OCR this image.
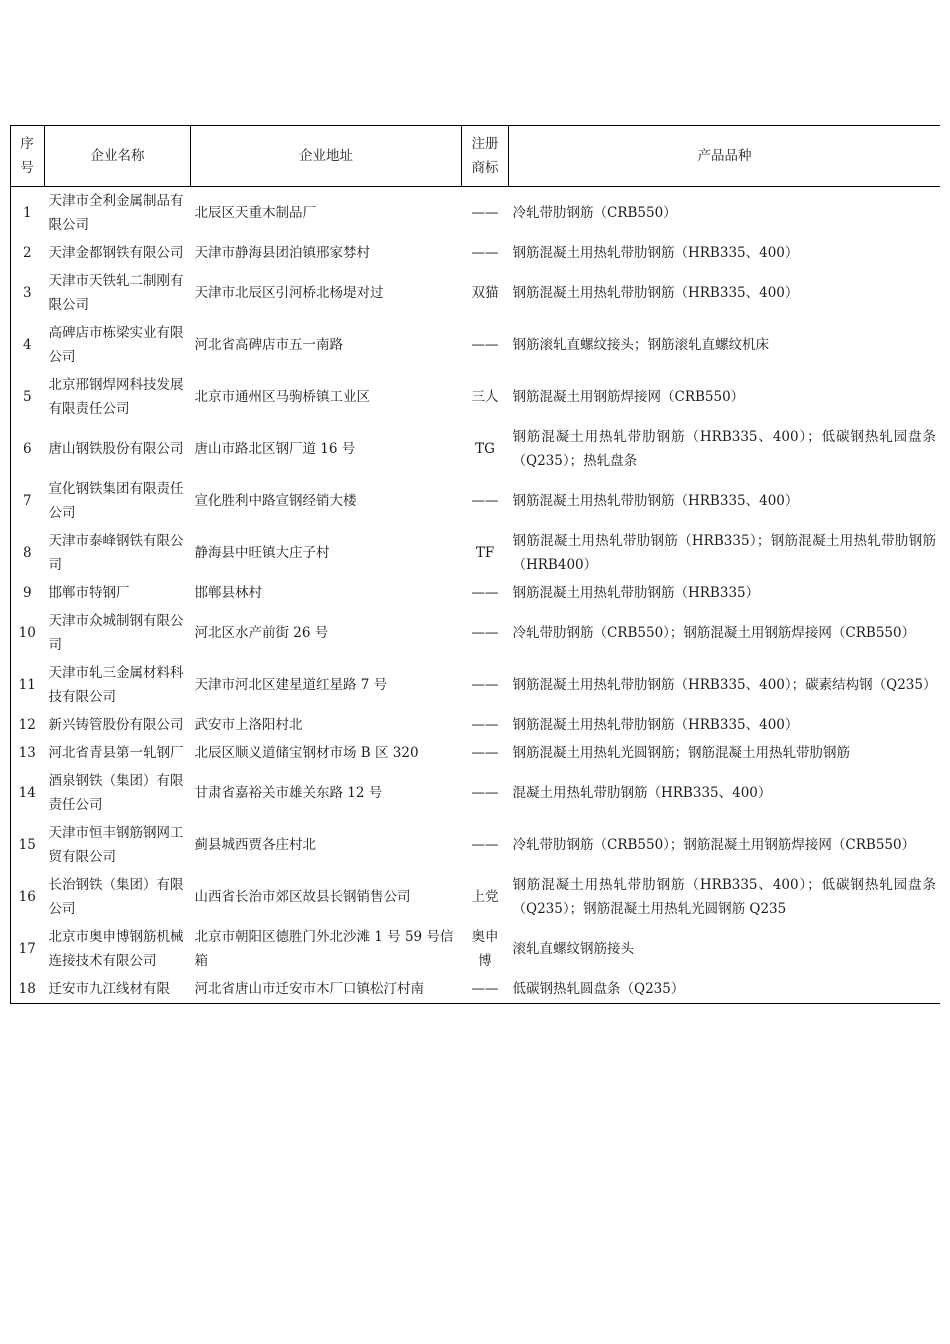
序号	企业名称	企业地址	注册商标	产品品种
1	天津市全利金属制品有限公司	北辰区天重木制品厂	——	冷轧带肋钢筋（CRB550）
2	天津金都钢铁有限公司	天津市静海县团泊镇邢家棼村	——	钢筋混凝土用热轧带肋钢筋（HRB335、400）
3	天津市天铁轧二制刚有限公司	天津市北辰区引河桥北杨堤对过	双猫	钢筋混凝土用热轧带肋钢筋（HRB335、400）
4	高碑店市栋梁实业有限公司	河北省高碑店市五一南路	——	钢筋滚轧直螺纹接头；钢筋滚轧直螺纹机床
5	北京邢钢焊网科技发展有限责任公司	北京市通州区马驹桥镇工业区	三人	钢筋混凝土用钢筋焊接网（CRB550）
6	唐山钢铁股份有限公司	唐山市路北区钢厂道 16 号	TG	钢筋混凝土用热轧带肋钢筋（HRB335、400）；低碳钢热轧园盘条（Q235）；热轧盘条
7	宣化钢铁集团有限责任公司	宣化胜利中路宣钢经销大楼	——	钢筋混凝土用热轧带肋钢筋（HRB335、400）
8	天津市泰峰钢铁有限公司	静海县中旺镇大庄子村	TF	钢筋混凝土用热轧带肋钢筋（HRB335）；钢筋混凝土用热轧带肋钢筋（HRB400）
9	邯郸市特钢厂	邯郸县林村	——	钢筋混凝土用热轧带肋钢筋（HRB335）
10	天津市众城制钢有限公司	河北区水产前街 26 号	——	冷轧带肋钢筋（CRB550）；钢筋混凝土用钢筋焊接网（CRB550）
11	天津市轧三金属材料科技有限公司	天津市河北区建星道红星路 7 号	——	钢筋混凝土用热轧带肋钢筋（HRB335、400）；碳素结构钢（Q235）
12	新兴铸管股份有限公司	武安市上洛阳村北	——	钢筋混凝土用热轧带肋钢筋（HRB335、400）
13	河北省青县第一轧钢厂	北辰区顺义道储宝钢材市场 B 区 320	——	钢筋混凝土用热轧光圆钢筋；钢筋混凝土用热轧带肋钢筋
14	酒泉钢铁（集团）有限责任公司	甘肃省嘉裕关市雄关东路 12 号	——	混凝土用热轧带肋钢筋（HRB335、400）
15	天津市恒丰钢筋钢网工贸有限公司	蓟县城西贾各庄村北	——	冷轧带肋钢筋（CRB550）；钢筋混凝土用钢筋焊接网（CRB550）
16	长治钢铁（集团）有限公司	山西省长治市郊区故县长钢销售公司	上党	钢筋混凝土用热轧带肋钢筋（HRB335、400）；低碳钢热轧园盘条（Q235）；钢筋混凝土用热轧光圆钢筋 Q235
17	北京市奥申博钢筋机械连接技术有限公司	北京市朝阳区德胜门外北沙滩 1 号 59 号信箱	奥申博	滚轧直螺纹钢筋接头
18	迁安市九江线材有限	河北省唐山市迁安市木厂口镇松汀村南	——	低碳钢热轧圆盘条（Q235）
